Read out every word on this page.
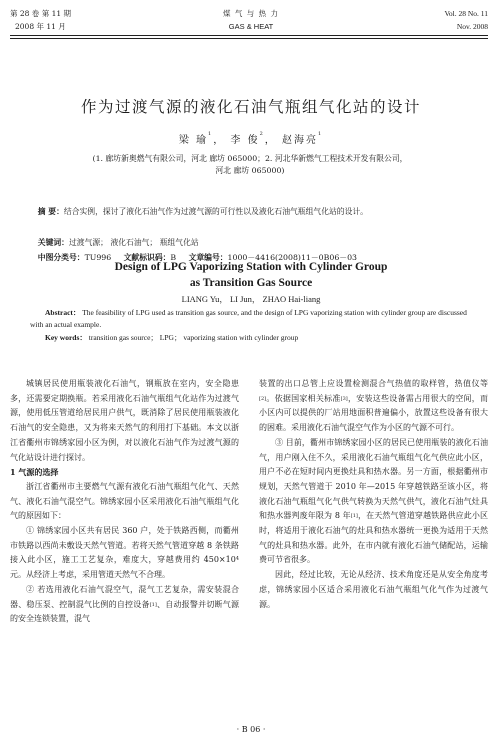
第 28 卷 第 11 期
2008 年 11 月
煤 气 与 热 力
GAS & HEAT
Vol. 28 No. 11
Nov. 2008
作为过渡气源的液化石油气瓶组气化站的设计
梁 瑜$^1$， 李 俊$^2$， 赵海亮$^1$
(1. 廊坊新奥燃气有限公司，河北 廊坊 065000；2. 河北华新燃气工程技术开发有限公司，
河北 廊坊 065000)
摘 要：结合实例，探讨了液化石油气作为过渡气源的可行性以及液化石油气瓶组气化站的设计。
关键词：过渡气源； 液化石油气； 瓶组气化站
中图分类号：TU996 文献标识码：B 文章编号：1000－4416(2008)11－0B06－03
Design of LPG Vaporizing Station with Cylinder Group
as Transition Gas Source
LIANG Yu， LI Jun， ZHAO Hai-liang
Abstract： The feasibility of LPG used as transition gas source, and the design of LPG vaporizing station with cylinder group are discussed with an actual example.
Key words： transition gas source； LPG； vaporizing station with cylinder group

城镇居民使用瓶装液化石油气，钢瓶放在室内，安全隐患多，还需要定期换瓶。若采用液化石油气瓶组气化站作为过渡气源，使用低压管道给居民用户供气，既消除了居民使用瓶装液化石油气的安全隐患，又为将来天然气的利用打下基础。本文以浙江省衢州市锦绣家园小区为例，对以液化石油气作为过渡气源的气化站设计进行探讨。

1 气源的选择

浙江省衢州市主要燃气气源有液化石油气瓶组气化气、天然气、液化石油气混空气。锦绣家园小区采用液化石油气瓶组气化气的原因如下：

① 锦绣家园小区共有居民 360 户，处于铁路西侧，而衢州市铁路以西尚未敷设天然气管道。若将天然气管道穿越 8 条铁路接入此小区，施工工艺复杂，难度大，穿越费用约 450×10⁴ 元。从经济上考虑，采用管道天然气不合理。

② 若选用液化石油气混空气，混气工艺复杂，需安装混合器、稳压泵、控制混气比例的自控设备[1]、自动报警并切断气源的安全连锁装置，混气

装置的出口总管上应设置检测混合气热值的取样管，热值仪等[2]。依据国家相关标准[3]，安装这些设备需占用很大的空间，而小区内可以提供的厂站用地面积普遍偏小，放置这些设备有很大的困难。采用液化石油气混空气作为小区的气源不可行。

③ 目前，衢州市锦绣家园小区的居民已使用瓶装的液化石油气，用户刚入住不久，采用液化石油气瓶组气化气供应此小区，用户不必在短时间内更换灶具和热水器。另一方面，根据衢州市规划，天然气管道于 2010 年—2015 年穿越铁路至该小区，将液化石油气瓶组气化气供气转换为天然气供气，液化石油气灶具和热水器判废年限为 8 年[1]，在天然气管道穿越铁路供应此小区时，将适用于液化石油气的灶具和热水器统一更换为适用于天然气的灶具和热水器。此外，在市内就有液化石油气储配站，运输费可节省很多。

因此，经过比较，无论从经济、技术角度还是从安全角度考虑，锦绣家园小区适合采用液化石油气瓶组气化气作为过渡气源。

· B 06 ·
